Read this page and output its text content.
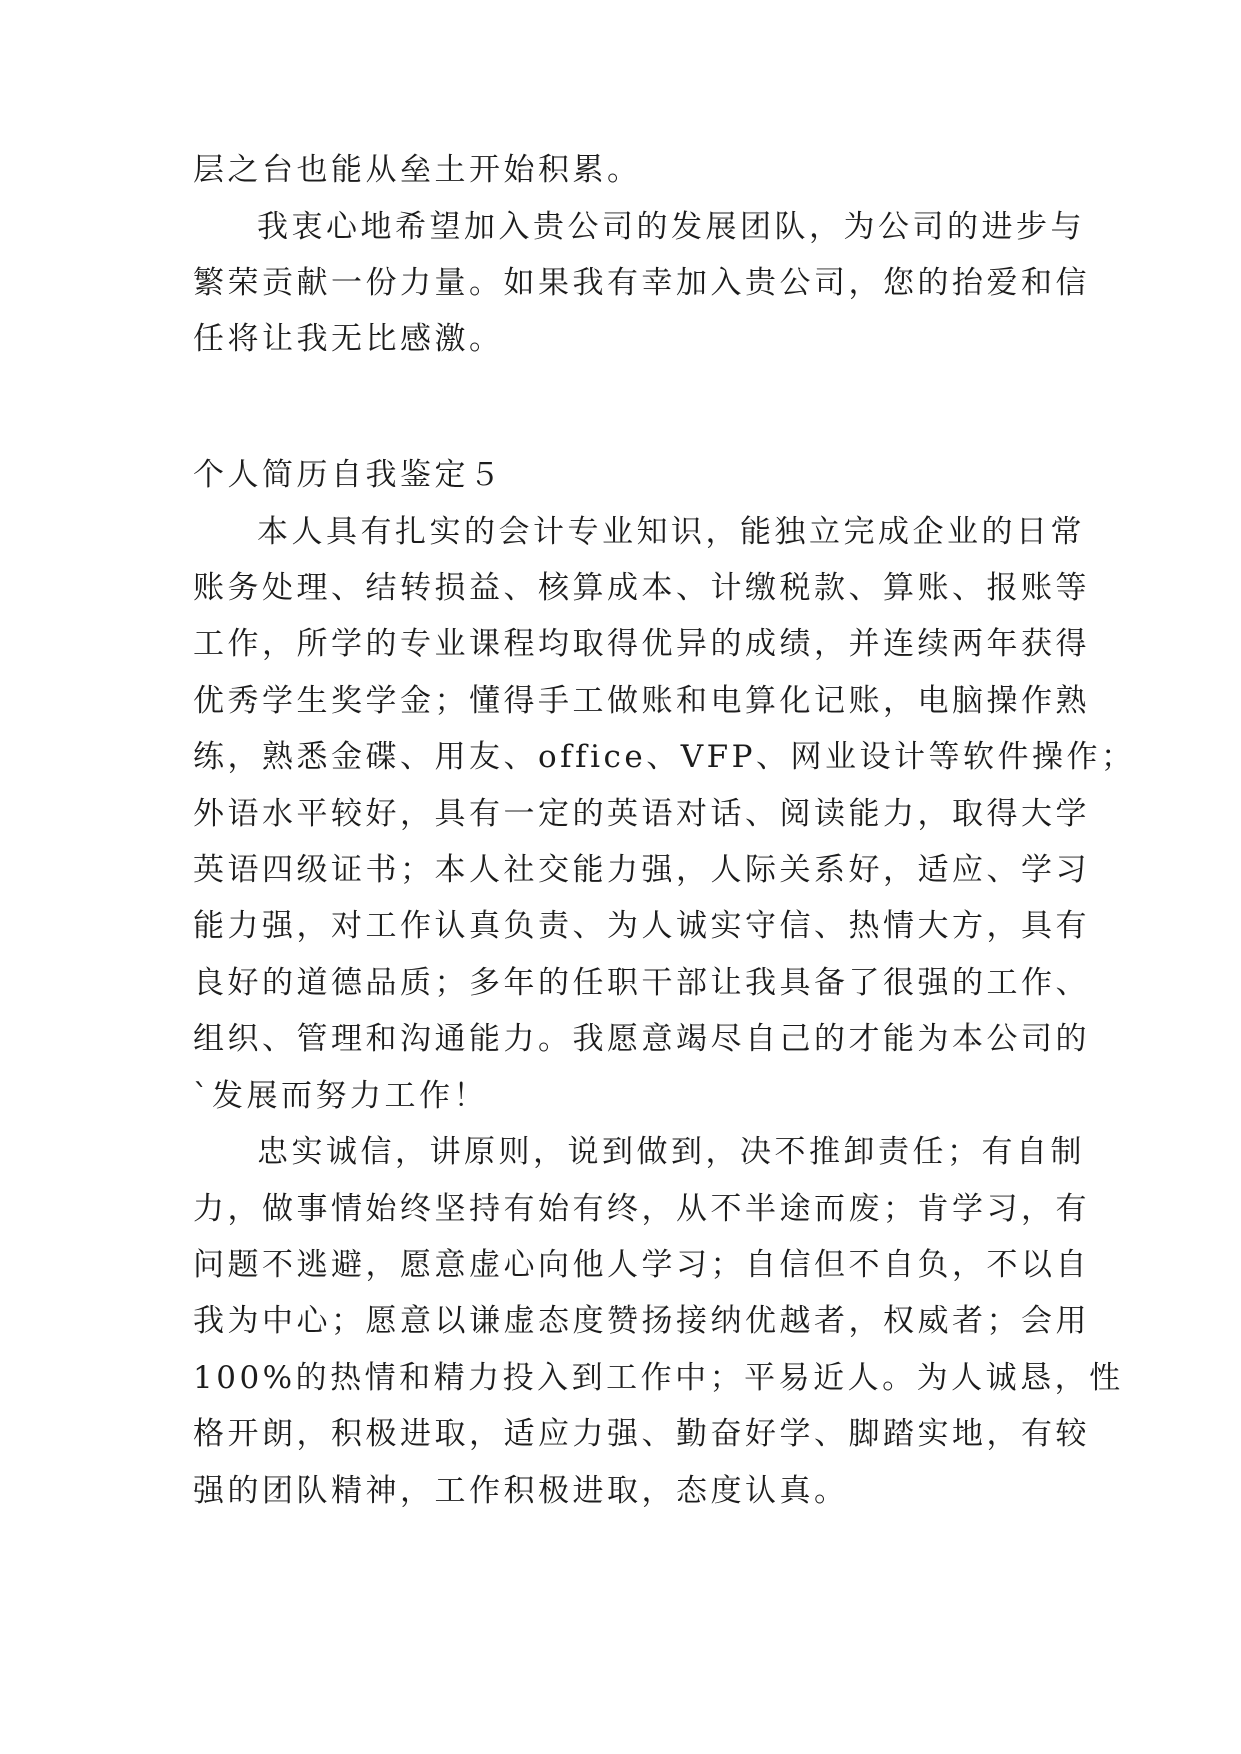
层之台也能从垒土开始积累。
我衷心地希望加入贵公司的发展团队，为公司的进步与
繁荣贡献一份力量。如果我有幸加入贵公司，您的抬爱和信
任将让我无比感激。
个人简历自我鉴定５
本人具有扎实的会计专业知识，能独立完成企业的日常
账务处理、结转损益、核算成本、计缴税款、算账、报账等
工作，所学的专业课程均取得优异的成绩，并连续两年获得
优秀学生奖学金；懂得手工做账和电算化记账，电脑操作熟
练，熟悉金碟、用友、office、VFP、网业设计等软件操作；
外语水平较好，具有一定的英语对话、阅读能力，取得大学
英语四级证书；本人社交能力强，人际关系好，适应、学习
能力强，对工作认真负责、为人诚实守信、热情大方，具有
良好的道德品质；多年的任职干部让我具备了很强的工作、
组织、管理和沟通能力。我愿意竭尽自己的才能为本公司的
`发展而努力工作！
忠实诚信，讲原则，说到做到，决不推卸责任；有自制
力，做事情始终坚持有始有终，从不半途而废；肯学习，有
问题不逃避，愿意虚心向他人学习；自信但不自负，不以自
我为中心；愿意以谦虚态度赞扬接纳优越者，权威者；会用
100%的热情和精力投入到工作中；平易近人。为人诚恳，性
格开朗，积极进取，适应力强、勤奋好学、脚踏实地，有较
强的团队精神，工作积极进取，态度认真。
